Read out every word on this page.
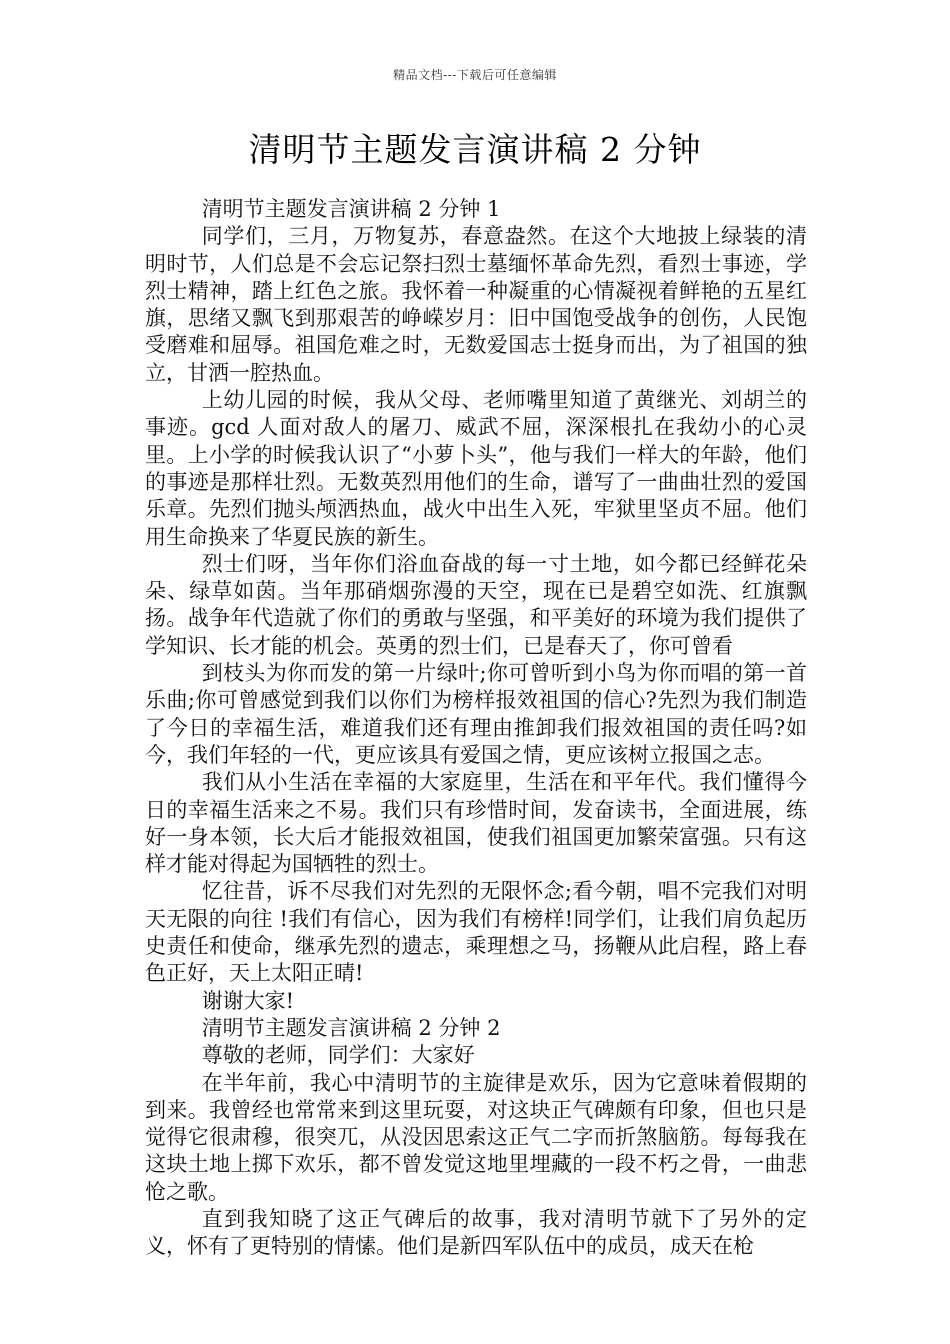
精品文档---下载后可任意编辑
清明节主题发言演讲稿 2 分钟

清明节主题发言演讲稿 2 分钟 1

同学们，三月，万物复苏，春意盎然。在这个大地披上绿装的清明时节，人们总是不会忘记祭扫烈士墓缅怀革命先烈，看烈士事迹，学烈士精神，踏上红色之旅。我怀着一种凝重的心情凝视着鲜艳的五星红旗，思绪又飘飞到那艰苦的峥嵘岁月：旧中国饱受战争的创伤，人民饱受磨难和屈辱。祖国危难之时，无数爱国志士挺身而出，为了祖国的独立，甘洒一腔热血。

上幼儿园的时候，我从父母、老师嘴里知道了黄继光、刘胡兰的事迹。gcd 人面对敌人的屠刀、威武不屈，深深根扎在我幼小的心灵里。上小学的时候我认识了“小萝卜头”，他与我们一样大的年龄，他们的事迹是那样壮烈。无数英烈用他们的生命，谱写了一曲曲壮烈的爱国乐章。先烈们抛头颅洒热血，战火中出生入死，牢狱里坚贞不屈。他们用生命换来了华夏民族的新生。

烈士们呀，当年你们浴血奋战的每一寸土地，如今都已经鲜花朵朵、绿草如茵。当年那硝烟弥漫的天空，现在已是碧空如洗、红旗飘扬。战争年代造就了你们的勇敢与坚强，和平美好的环境为我们提供了学知识、长才能的机会。英勇的烈士们，已是春天了，你可曾看

到枝头为你而发的第一片绿叶;你可曾听到小鸟为你而唱的第一首乐曲;你可曾感觉到我们以你们为榜样报效祖国的信心?先烈为我们制造了今日的幸福生活，难道我们还有理由推卸我们报效祖国的责任吗?如今，我们年轻的一代，更应该具有爱国之情，更应该树立报国之志。

我们从小生活在幸福的大家庭里，生活在和平年代。我们懂得今日的幸福生活来之不易。我们只有珍惜时间，发奋读书，全面进展，练好一身本领，长大后才能报效祖国，使我们祖国更加繁荣富强。只有这样才能对得起为国牺牲的烈士。

忆往昔，诉不尽我们对先烈的无限怀念;看今朝，唱不完我们对明天无限的向往 !我们有信心，因为我们有榜样!同学们，让我们肩负起历史责任和使命，继承先烈的遗志，乘理想之马，扬鞭从此启程，路上春色正好，天上太阳正晴!

谢谢大家!

清明节主题发言演讲稿 2 分钟 2

尊敬的老师，同学们：大家好

在半年前，我心中清明节的主旋律是欢乐，因为它意味着假期的到来。我曾经也常常来到这里玩耍，对这块正气碑颇有印象，但也只是觉得它很肃穆，很突兀，从没因思索这正气二字而折煞脑筋。每每我在这块土地上掷下欢乐，都不曾发觉这地里埋藏的一段不朽之骨，一曲悲怆之歌。

直到我知晓了这正气碑后的故事，我对清明节就下了另外的定义，怀有了更特别的情愫。他们是新四军队伍中的成员，成天在枪
